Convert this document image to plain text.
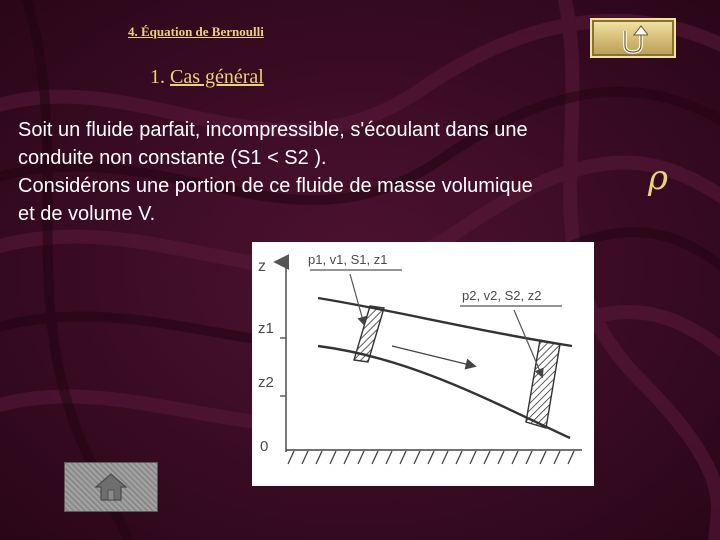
4. Équation de Bernoulli
1. Cas général
Soit un fluide parfait, incompressible, s'écoulant dans une
conduite non constante (S1 < S2 ).
Considérons une portion de ce fluide de masse volumique
et de volume V.
ρ
z
z1
z2
0
p1, v1, S1, z1
p2, v2, S2, z2
